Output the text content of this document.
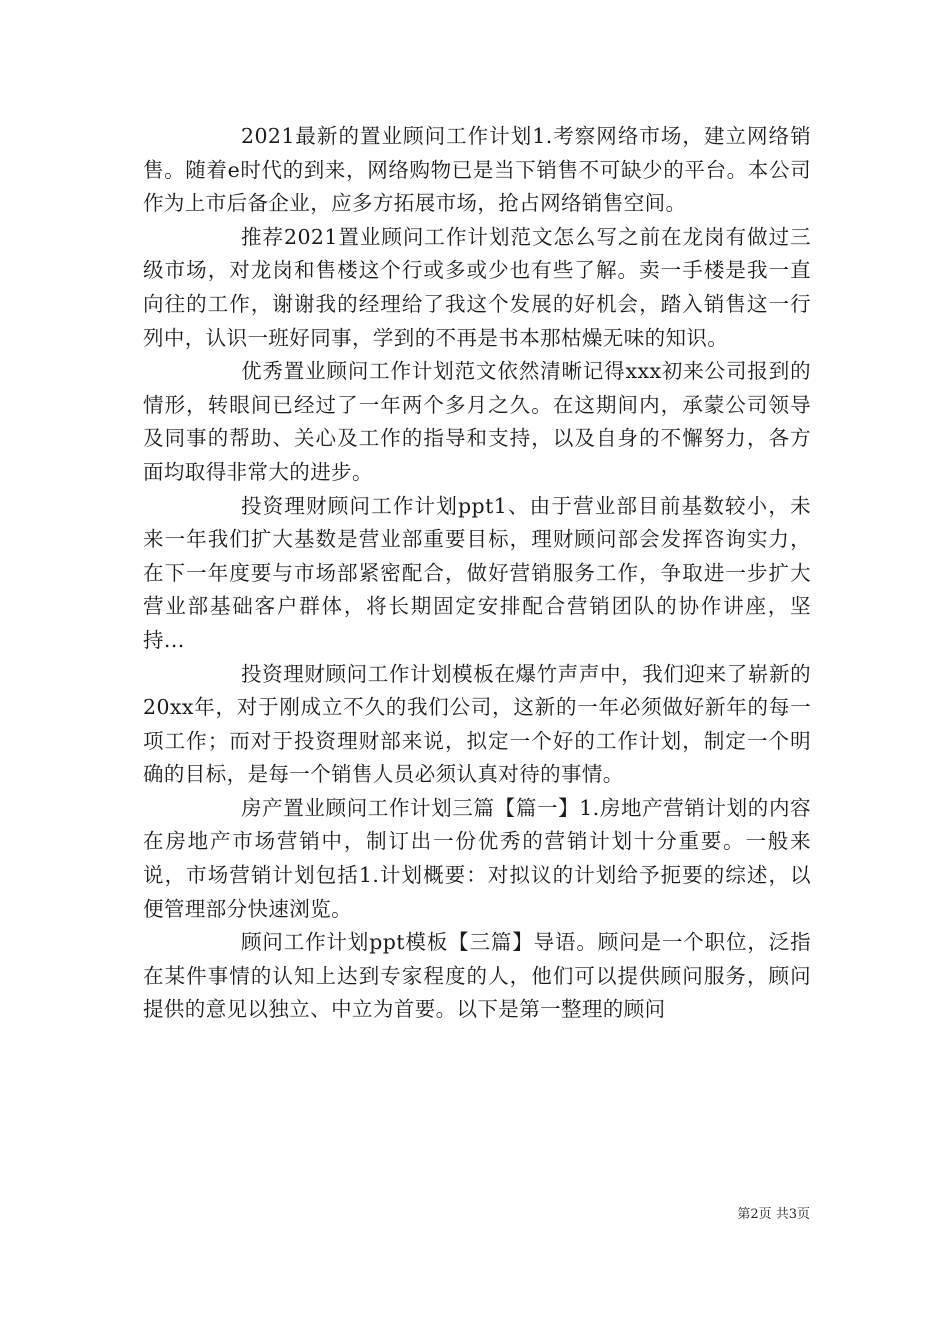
2021最新的置业顾问工作计划1.考察网络市场，建立网络销售。随着e时代的到来，网络购物已是当下销售不可缺少的平台。本公司作为上市后备企业，应多方拓展市场，抢占网络销售空间。

推荐2021置业顾问工作计划范文怎么写之前在龙岗有做过三级市场，对龙岗和售楼这个行或多或少也有些了解。卖一手楼是我一直向往的工作，谢谢我的经理给了我这个发展的好机会，踏入销售这一行列中，认识一班好同事，学到的不再是书本那枯燥无味的知识。

优秀置业顾问工作计划范文依然清晰记得xxx初来公司报到的情形，转眼间已经过了一年两个多月之久。在这期间内，承蒙公司领导及同事的帮助、关心及工作的指导和支持，以及自身的不懈努力，各方面均取得非常大的进步。

投资理财顾问工作计划ppt1、由于营业部目前基数较小，未来一年我们扩大基数是营业部重要目标，理财顾问部会发挥咨询实力，在下一年度要与市场部紧密配合，做好营销服务工作，争取进一步扩大营业部基础客户群体，将长期固定安排配合营销团队的协作讲座，坚持...

投资理财顾问工作计划模板在爆竹声声中，我们迎来了崭新的20xx年，对于刚成立不久的我们公司，这新的一年必须做好新年的每一项工作；而对于投资理财部来说，拟定一个好的工作计划，制定一个明确的目标，是每一个销售人员必须认真对待的事情。

房产置业顾问工作计划三篇【篇一】1.房地产营销计划的内容在房地产市场营销中，制订出一份优秀的营销计划十分重要。一般来说，市场营销计划包括1.计划概要：对拟议的计划给予扼要的综述，以便管理部分快速浏览。

顾问工作计划ppt模板【三篇】导语。顾问是一个职位，泛指在某件事情的认知上达到专家程度的人，他们可以提供顾问服务，顾问提供的意见以独立、中立为首要。以下是第一整理的顾问

第2页 共3页
